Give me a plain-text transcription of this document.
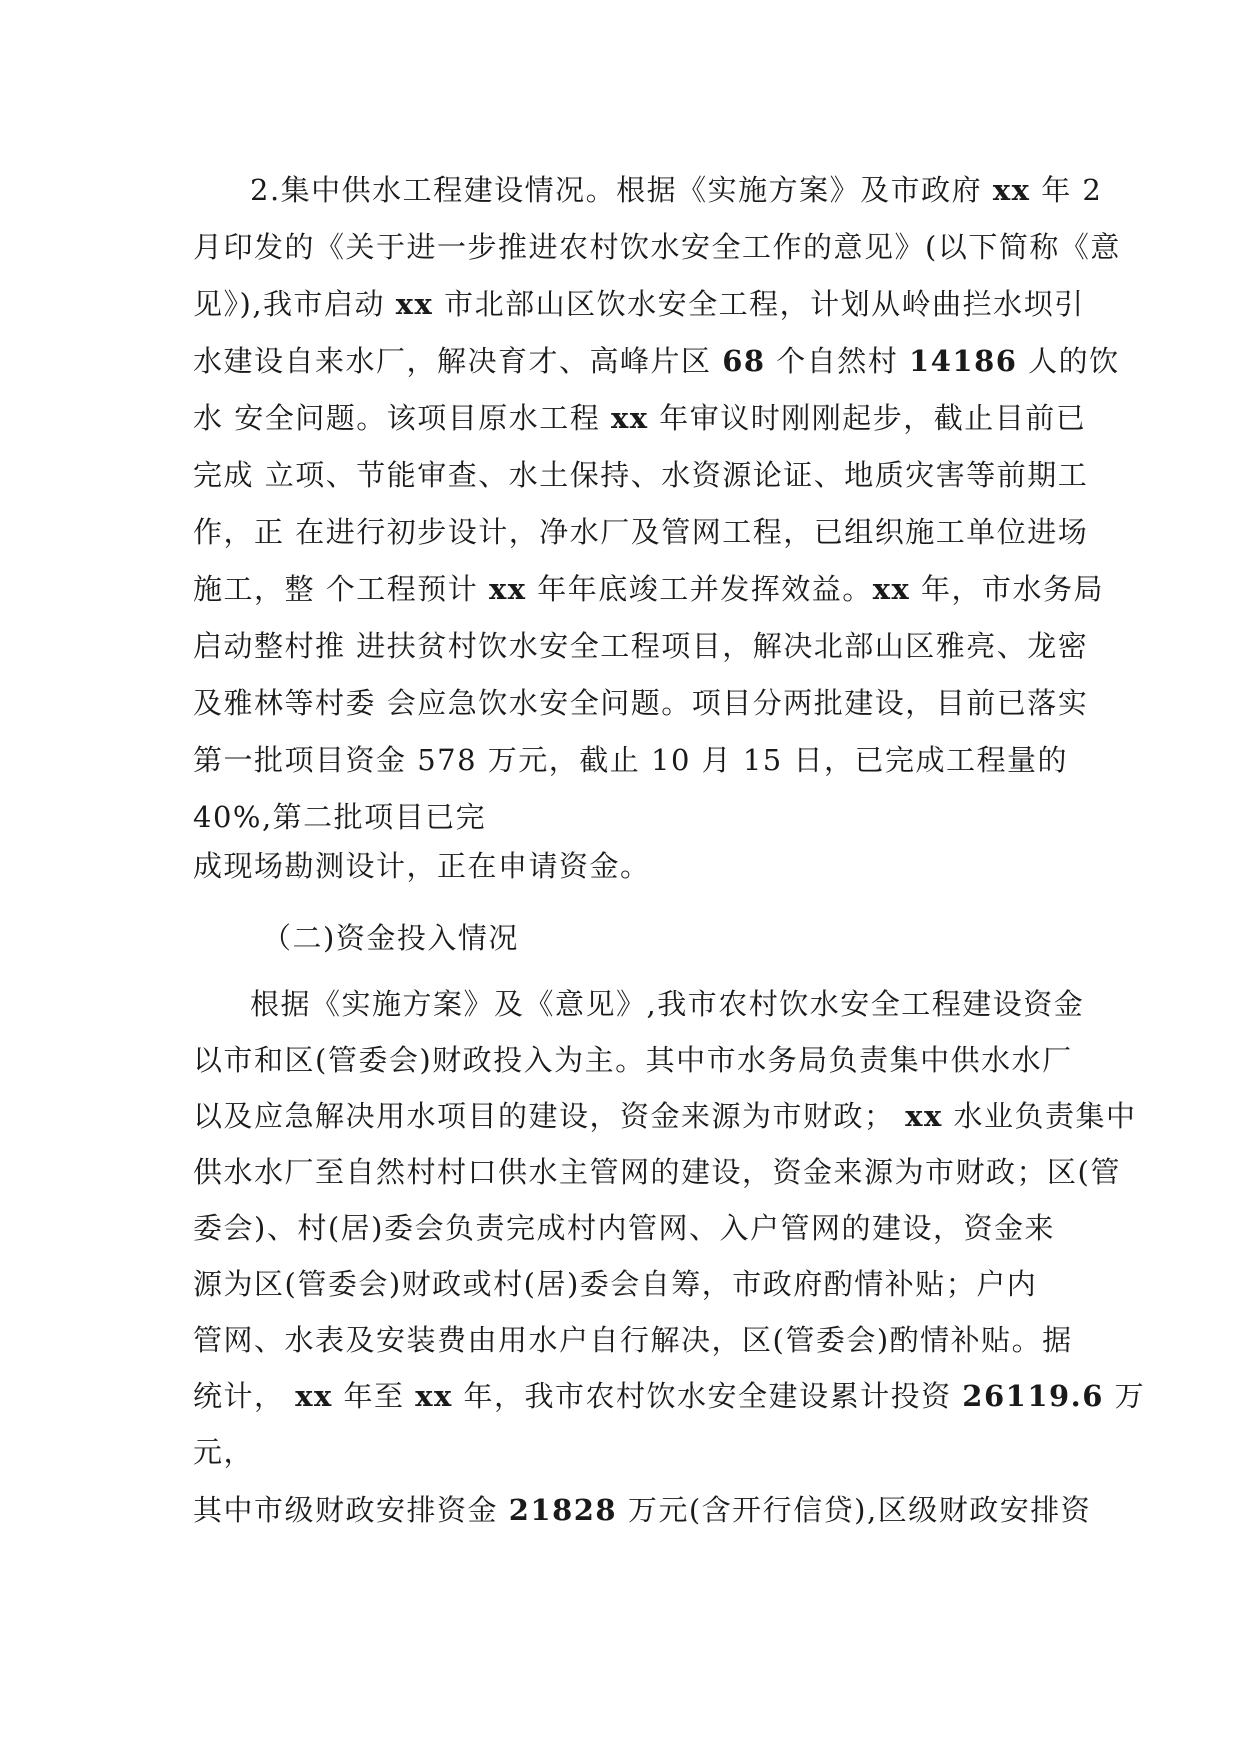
2.集中供水工程建设情况。根据《实施方案》及市政府 xx 年 2
月印发的《关于进一步推进农村饮水安全工作的意见》(以下简称《意
见》),我市启动 xx 市北部山区饮水安全工程，计划从岭曲拦水坝引
水建设自来水厂，解决育才、高峰片区 68 个自然村 14186 人的饮
水 安全问题。该项目原水工程 xx 年审议时刚刚起步，截止目前已
完成 立项、节能审查、水土保持、水资源论证、地质灾害等前期工
作，正 在进行初步设计，净水厂及管网工程，已组织施工单位进场
施工，整 个工程预计 xx 年年底竣工并发挥效益。xx 年，市水务局
启动整村推 进扶贫村饮水安全工程项目，解决北部山区雅亮、龙密
及雅林等村委 会应急饮水安全问题。项目分两批建设，目前已落实
第一批项目资金 578 万元，截止 10 月 15 日，已完成工程量的
40%,第二批项目已完
成现场勘测设计，正在申请资金。
（二)资金投入情况
根据《实施方案》及《意见》,我市农村饮水安全工程建设资金
以市和区(管委会)财政投入为主。其中市水务局负责集中供水水厂
以及应急解决用水项目的建设，资金来源为市财政； xx 水业负责集中
供水水厂至自然村村口供水主管网的建设，资金来源为市财政；区(管
委会)、村(居)委会负责完成村内管网、入户管网的建设，资金来
源为区(管委会)财政或村(居)委会自筹，市政府酌情补贴；户内
管网、水表及安装费由用水户自行解决，区(管委会)酌情补贴。据
统计， xx 年至 xx 年，我市农村饮水安全建设累计投资 26119.6 万
元，
其中市级财政安排资金 21828 万元(含开行信贷),区级财政安排资
